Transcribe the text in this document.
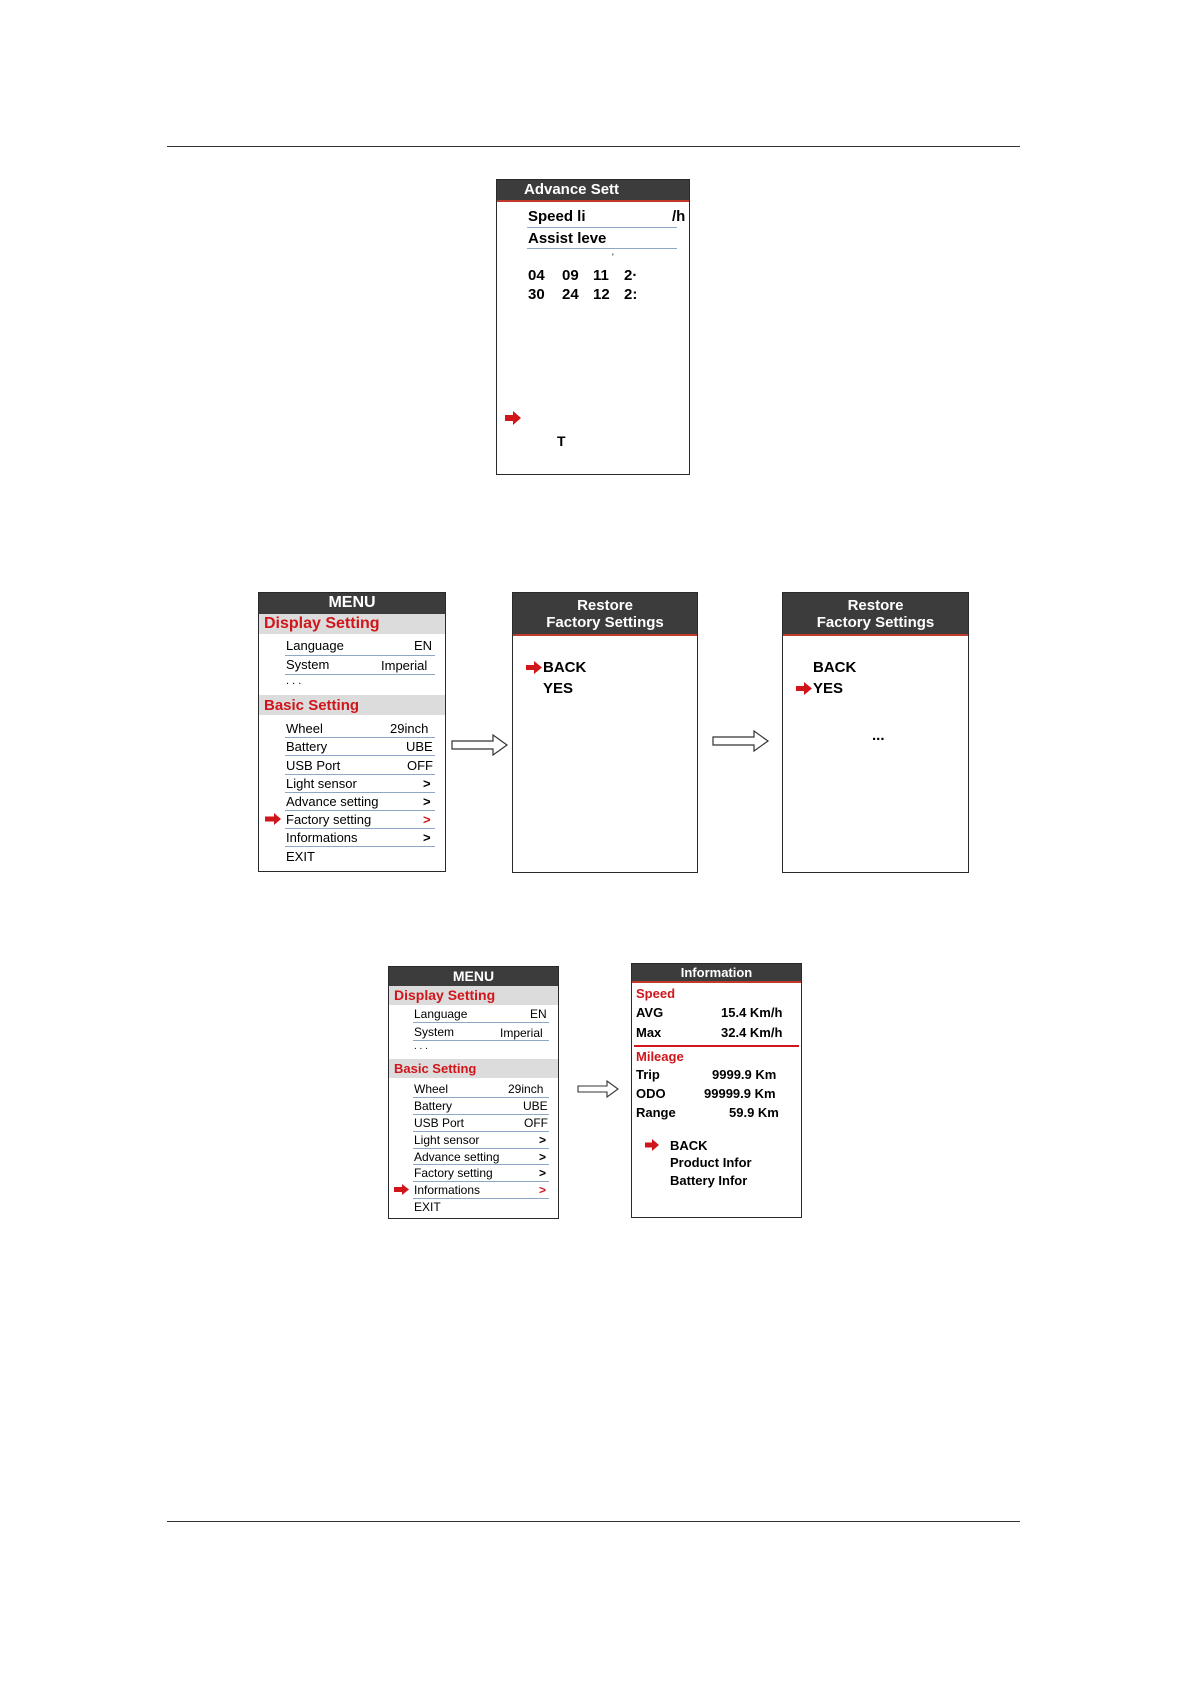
Advance Sett
Speed li	/h
Assist leve
'
04 09 11 2·
30 24 12 2:
T
MENU
Display Setting
Language	EN
System	Imperial
. . .
Basic Setting
Wheel	29inch
Battery	UBE
USB Port	OFF
Light sensor	>
Advance setting	>
Factory setting	>
Informations	>
EXIT
Restore
Factory Settings
BACK
YES
Restore
Factory Settings
BACK
YES
...
MENU
Display Setting
Language	EN
System	Imperial
. . .
Basic Setting
Wheel	29inch
Battery	UBE
USB Port	OFF
Light sensor	>
Advance setting	>
Factory setting	>
Informations	>
EXIT
Information
Speed
AVG	15.4 Km/h
Max	32.4 Km/h
Mileage
Trip	9999.9 Km
ODO	99999.9 Km
Range	59.9 Km
BACK
Product Infor
Battery Infor
